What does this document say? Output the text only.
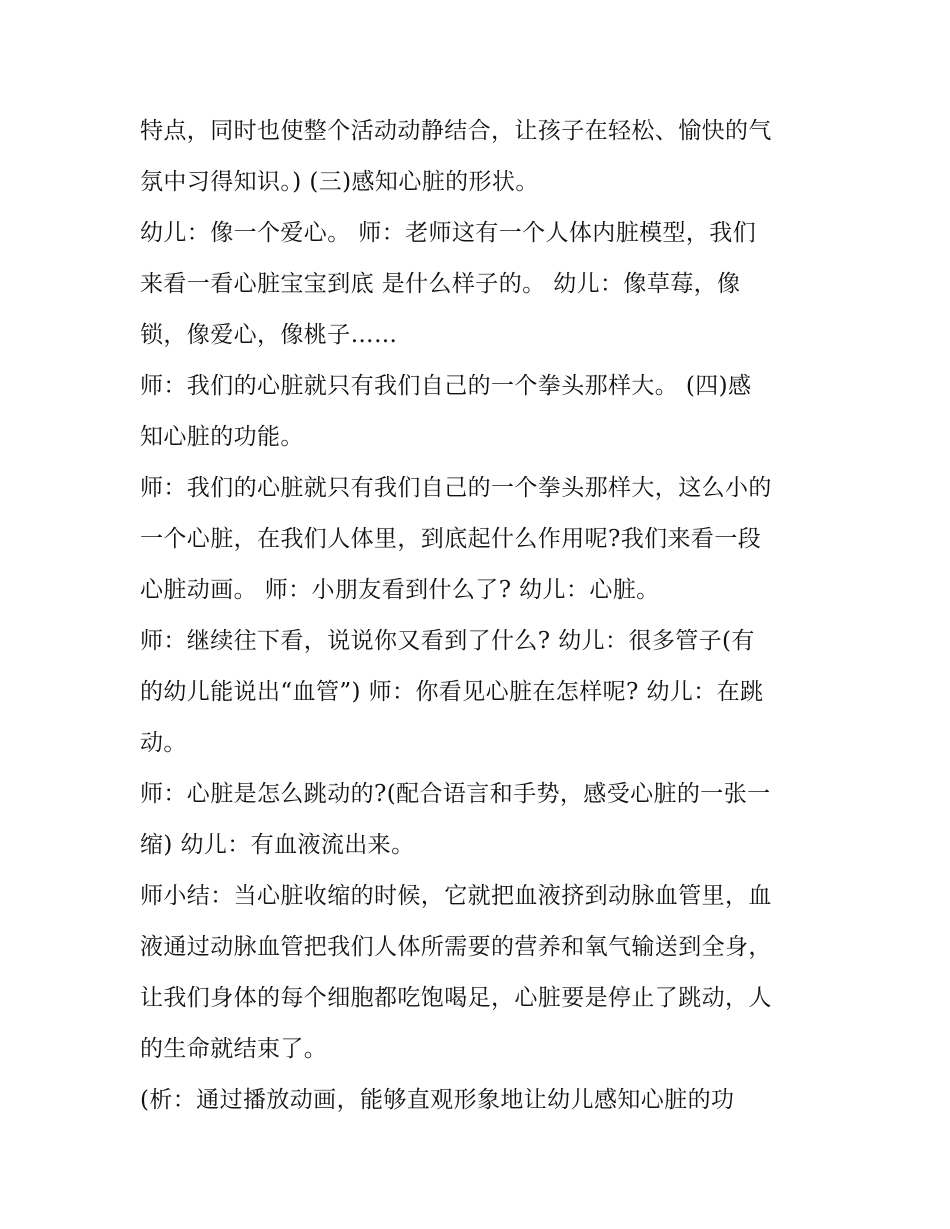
特点，同时也使整个活动动静结合，让孩子在轻松、愉快的气
氛中习得知识。) (三)感知心脏的形状。
幼儿：像一个爱心。 师：老师这有一个人体内脏模型，我们
来看一看心脏宝宝到底 是什么样子的。 幼儿：像草莓，像
锁，像爱心，像桃子……
师：我们的心脏就只有我们自己的一个拳头那样大。 (四)感
知心脏的功能。
师：我们的心脏就只有我们自己的一个拳头那样大，这么小的
一个心脏，在我们人体里，到底起什么作用呢?我们来看一段
心脏动画。 师：小朋友看到什么了? 幼儿：心脏。
师：继续往下看，说说你又看到了什么? 幼儿：很多管子(有
的幼儿能说出“血管”) 师：你看见心脏在怎样呢? 幼儿：在跳
动。
师：心脏是怎么跳动的?(配合语言和手势，感受心脏的一张一
缩) 幼儿：有血液流出来。
师小结：当心脏收缩的时候，它就把血液挤到动脉血管里，血
液通过动脉血管把我们人体所需要的营养和氧气输送到全身，
让我们身体的每个细胞都吃饱喝足，心脏要是停止了跳动，人
的生命就结束了。
(析：通过播放动画，能够直观形象地让幼儿感知心脏的功
